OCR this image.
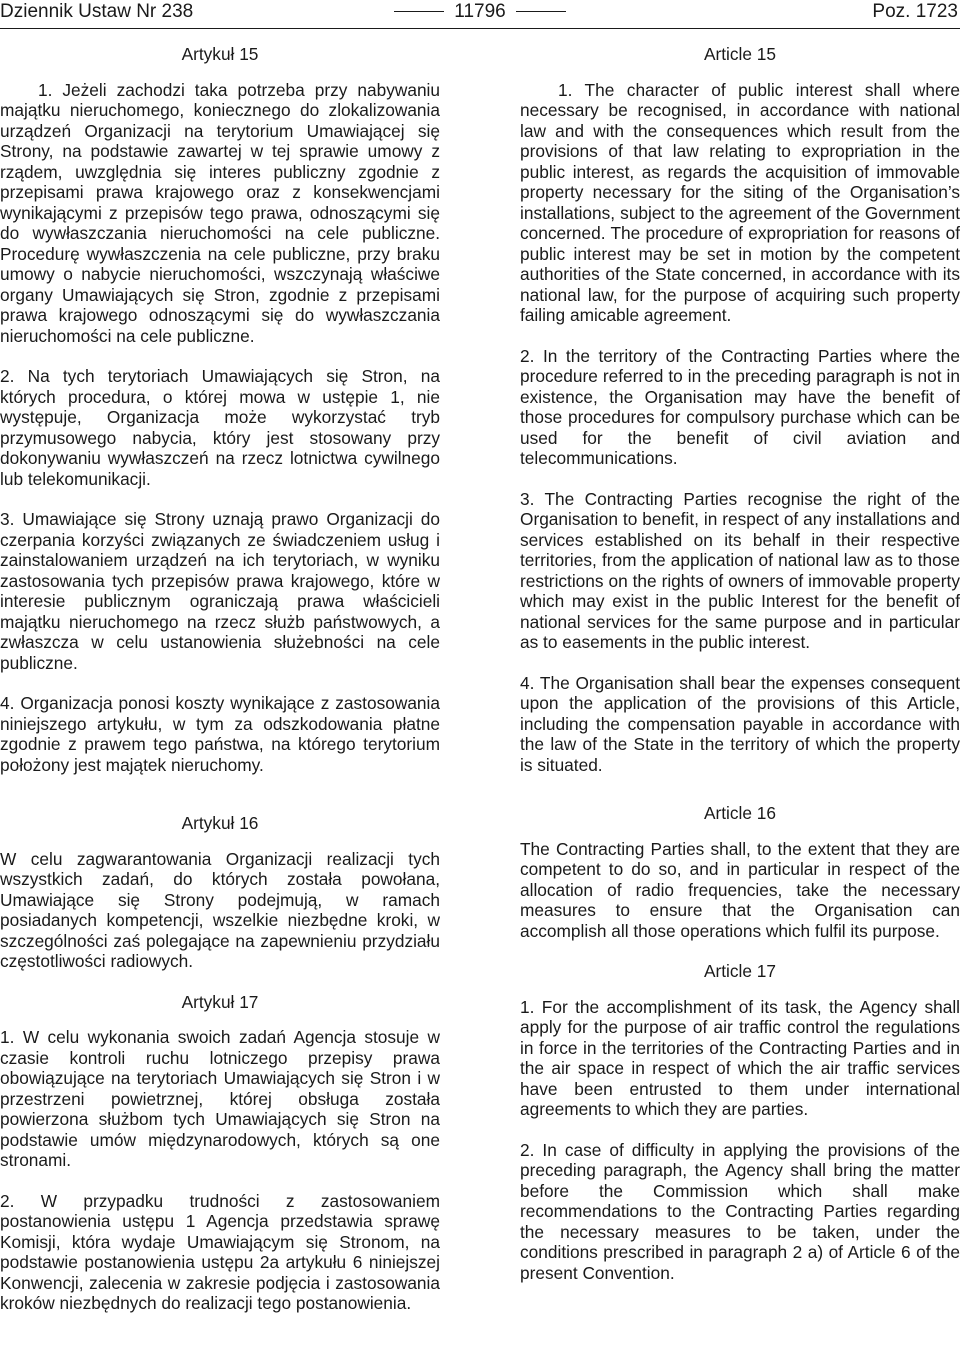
Dziennik Ustaw Nr 238	11796	Poz. 1723
Artykuł 15

1. Jeżeli zachodzi taka potrzeba przy nabywaniu majątku nieruchomego, koniecznego do zlokalizowania urządzeń Organizacji na terytorium Umawiającej się Strony, na podstawie zawartej w tej sprawie umowy z rządem, uwzględnia się interes publiczny zgodnie z przepisami prawa krajowego oraz z konsekwencjami wynikającymi z przepisów tego prawa, odnoszącymi się do wywłaszczania nieruchomości na cele publiczne. Procedurę wywłaszczenia na cele publiczne, przy braku umowy o nabycie nieruchomości, wszczynają właściwe organy Umawiających się Stron, zgodnie z przepisami prawa krajowego odnoszącymi się do wywłaszczania nieruchomości na cele publiczne.

2. Na tych terytoriach Umawiających się Stron, na których procedura, o której mowa w ustępie 1, nie występuje, Organizacja może wykorzystać tryb przymusowego nabycia, który jest stosowany przy dokonywaniu wywłaszczeń na rzecz lotnictwa cywilnego lub telekomunikacji.

3. Umawiające się Strony uznają prawo Organizacji do czerpania korzyści związanych ze świadczeniem usług i zainstalowaniem urządzeń na ich terytoriach, w wyniku zastosowania tych przepisów prawa krajowego, które w interesie publicznym ograniczają prawa właścicieli majątku nieruchomego na rzecz służb państwowych, a zwłaszcza w celu ustanowienia służebności na cele publiczne.

4. Organizacja ponosi koszty wynikające z zastosowania niniejszego artykułu, w tym za odszkodowania płatne zgodnie z prawem tego państwa, na którego terytorium położony jest majątek nieruchomy.

Artykuł 16

W celu zagwarantowania Organizacji realizacji tych wszystkich zadań, do których została powołana, Umawiające się Strony podejmują, w ramach posiadanych kompetencji, wszelkie niezbędne kroki, w szczególności zaś polegające na zapewnieniu przydziału częstotliwości radiowych.

Artykuł 17

1. W celu wykonania swoich zadań Agencja stosuje w czasie kontroli ruchu lotniczego przepisy prawa obowiązujące na terytoriach Umawiających się Stron i w przestrzeni powietrznej, której obsługa została powierzona służbom tych Umawiających się Stron na podstawie umów międzynarodowych, których są one stronami.

2. W przypadku trudności z zastosowaniem postanowienia ustępu 1 Agencja przedstawia sprawę Komisji, która wydaje Umawiającym się Stronom, na podstawie postanowienia ustępu 2a artykułu 6 niniejszej Konwencji, zalecenia w zakresie podjęcia i zastosowania kroków niezbędnych do realizacji tego postanowienia.

Article 15

1. The character of public interest shall where necessary be recognised, in accordance with national law and with the consequences which result from the provisions of that law relating to expropriation in the public interest, as regards the acquisition of immovable property necessary for the siting of the Organisation’s installations, subject to the agreement of the Government concerned. The procedure of expropriation for reasons of public interest may be set in motion by the competent authorities of the State concerned, in accordance with its national law, for the purpose of acquiring such property failing amicable agreement.

2. In the territory of the Contracting Parties where the procedure referred to in the preceding paragraph is not in existence, the Organisation may have the benefit of those procedures for compulsory purchase which can be used for the benefit of civil aviation and telecommunications.

3. The Contracting Parties recognise the right of the Organisation to benefit, in respect of any installations and services established on its behalf in their respective territories, from the application of national law as to those restrictions on the rights of owners of immovable property which may exist in the public Interest for the benefit of national services for the same purpose and in particular as to easements in the public interest.

4. The Organisation shall bear the expenses consequent upon the application of the provisions of this Article, including the compensation payable in accordance with the law of the State in the territory of which the property is situated.

Article 16

The Contracting Parties shall, to the extent that they are competent to do so, and in particular in respect of the allocation of radio frequencies, take the necessary measures to ensure that the Organisation can accomplish all those operations which fulfil its purpose.

Article 17

1. For the accomplishment of its task, the Agency shall apply for the purpose of air traffic control the regulations in force in the territories of the Contracting Parties and in the air space in respect of which the air traffic services have been entrusted to them under international agreements to which they are parties.

2. In case of difficulty in applying the provisions of the preceding paragraph, the Agency shall bring the matter before the Commission which shall make recommendations to the Contracting Parties regarding the necessary measures to be taken, under the conditions prescribed in paragraph 2 a) of Article 6 of the present Convention.
